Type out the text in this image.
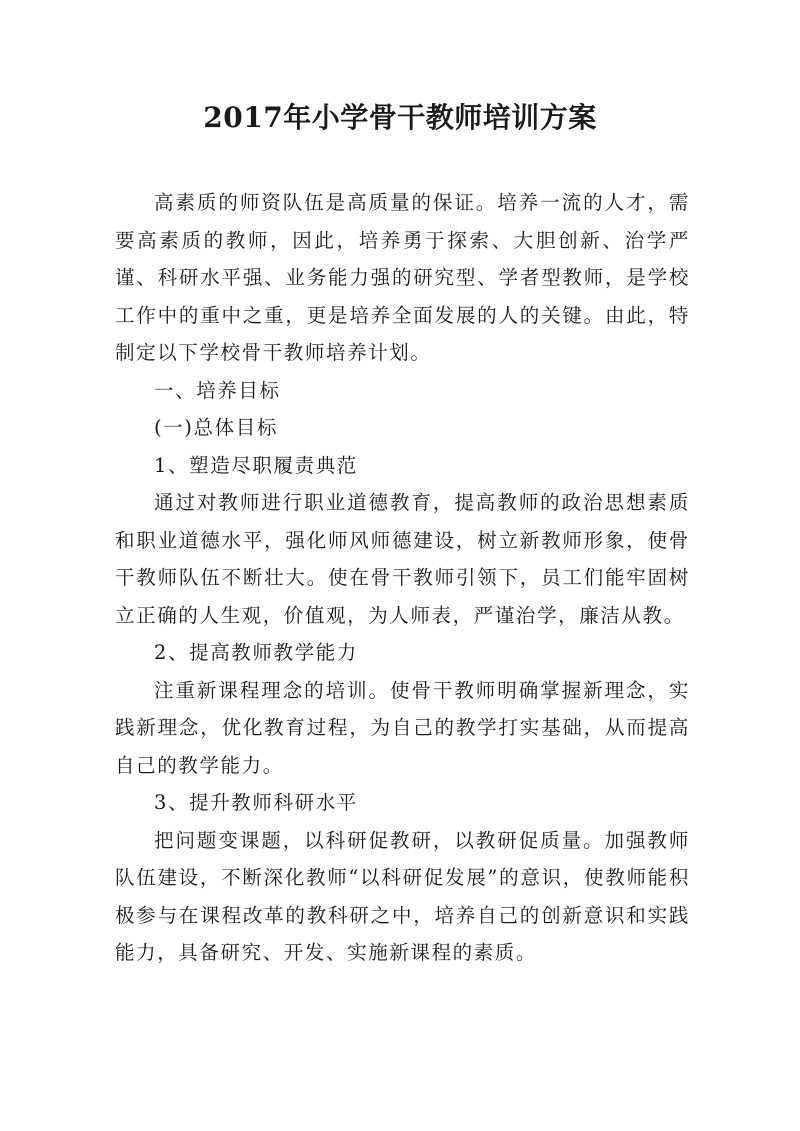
2017年小学骨干教师培训方案

高素质的师资队伍是高质量的保证。培养一流的人才，需要高素质的教师，因此，培养勇于探索、大胆创新、治学严谨、科研水平强、业务能力强的研究型、学者型教师，是学校工作中的重中之重，更是培养全面发展的人的关键。由此，特制定以下学校骨干教师培养计划。

一、培养目标

(一)总体目标

1、塑造尽职履责典范

通过对教师进行职业道德教育，提高教师的政治思想素质和职业道德水平，强化师风师德建设，树立新教师形象，使骨干教师队伍不断壮大。使在骨干教师引领下，员工们能牢固树立正确的人生观，价值观，为人师表，严谨治学，廉洁从教。

2、提高教师教学能力

注重新课程理念的培训。使骨干教师明确掌握新理念，实践新理念，优化教育过程，为自己的教学打实基础，从而提高自己的教学能力。

3、提升教师科研水平

把问题变课题，以科研促教研，以教研促质量。加强教师队伍建设，不断深化教师“以科研促发展”的意识，使教师能积极参与在课程改革的教科研之中，培养自己的创新意识和实践能力，具备研究、开发、实施新课程的素质。
